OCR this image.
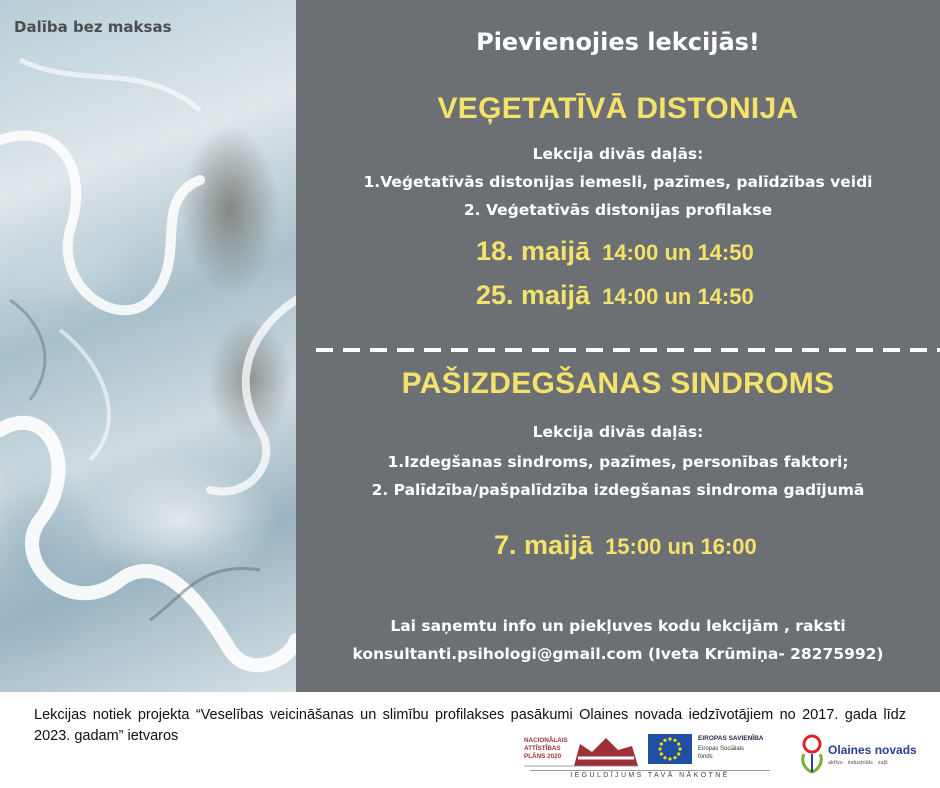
Dalība bez maksas
Pievienojies lekcijās!
VEĢETATĪVĀ DISTONIJA
Lekcija divās daļās:
1.Veģetatīvās distonijas iemesli, pazīmes, palīdzības veidi
2. Veģetatīvās distonijas profilakse
18. maijā 14:00 un 14:50
25. maijā 14:00 un 14:50
PAŠIZDEGŠANAS SINDROMS
Lekcija divās daļās:
1.Izdegšanas sindroms, pazīmes, personības faktori;
2. Palīdzība/pašpalīdzība izdegšanas sindroma gadījumā
7. maijā 15:00 un 16:00
Lai saņemtu info un piekļuves kodu lekcijām , raksti
konsultanti.psihologi@gmail.com (Iveta Krūmiņa- 28275992)
Lekcijas notiek projekta “Veselības veicināšanas un slimību profilakses pasākumi Olaines novada iedzīvotājiem no 2017. gada līdz 2023. gadam” ietvaros	NACIONĀLAIS
ATTĪSTĪBAS
PLĀNS 2020
EIROPAS SAVIENĪBA
Eiropas Sociālais
fonds
IEGULDĪJUMS TAVĀ NĀKOTNĒ
Olaines novads
aktīvs · industriāls · zaļš
